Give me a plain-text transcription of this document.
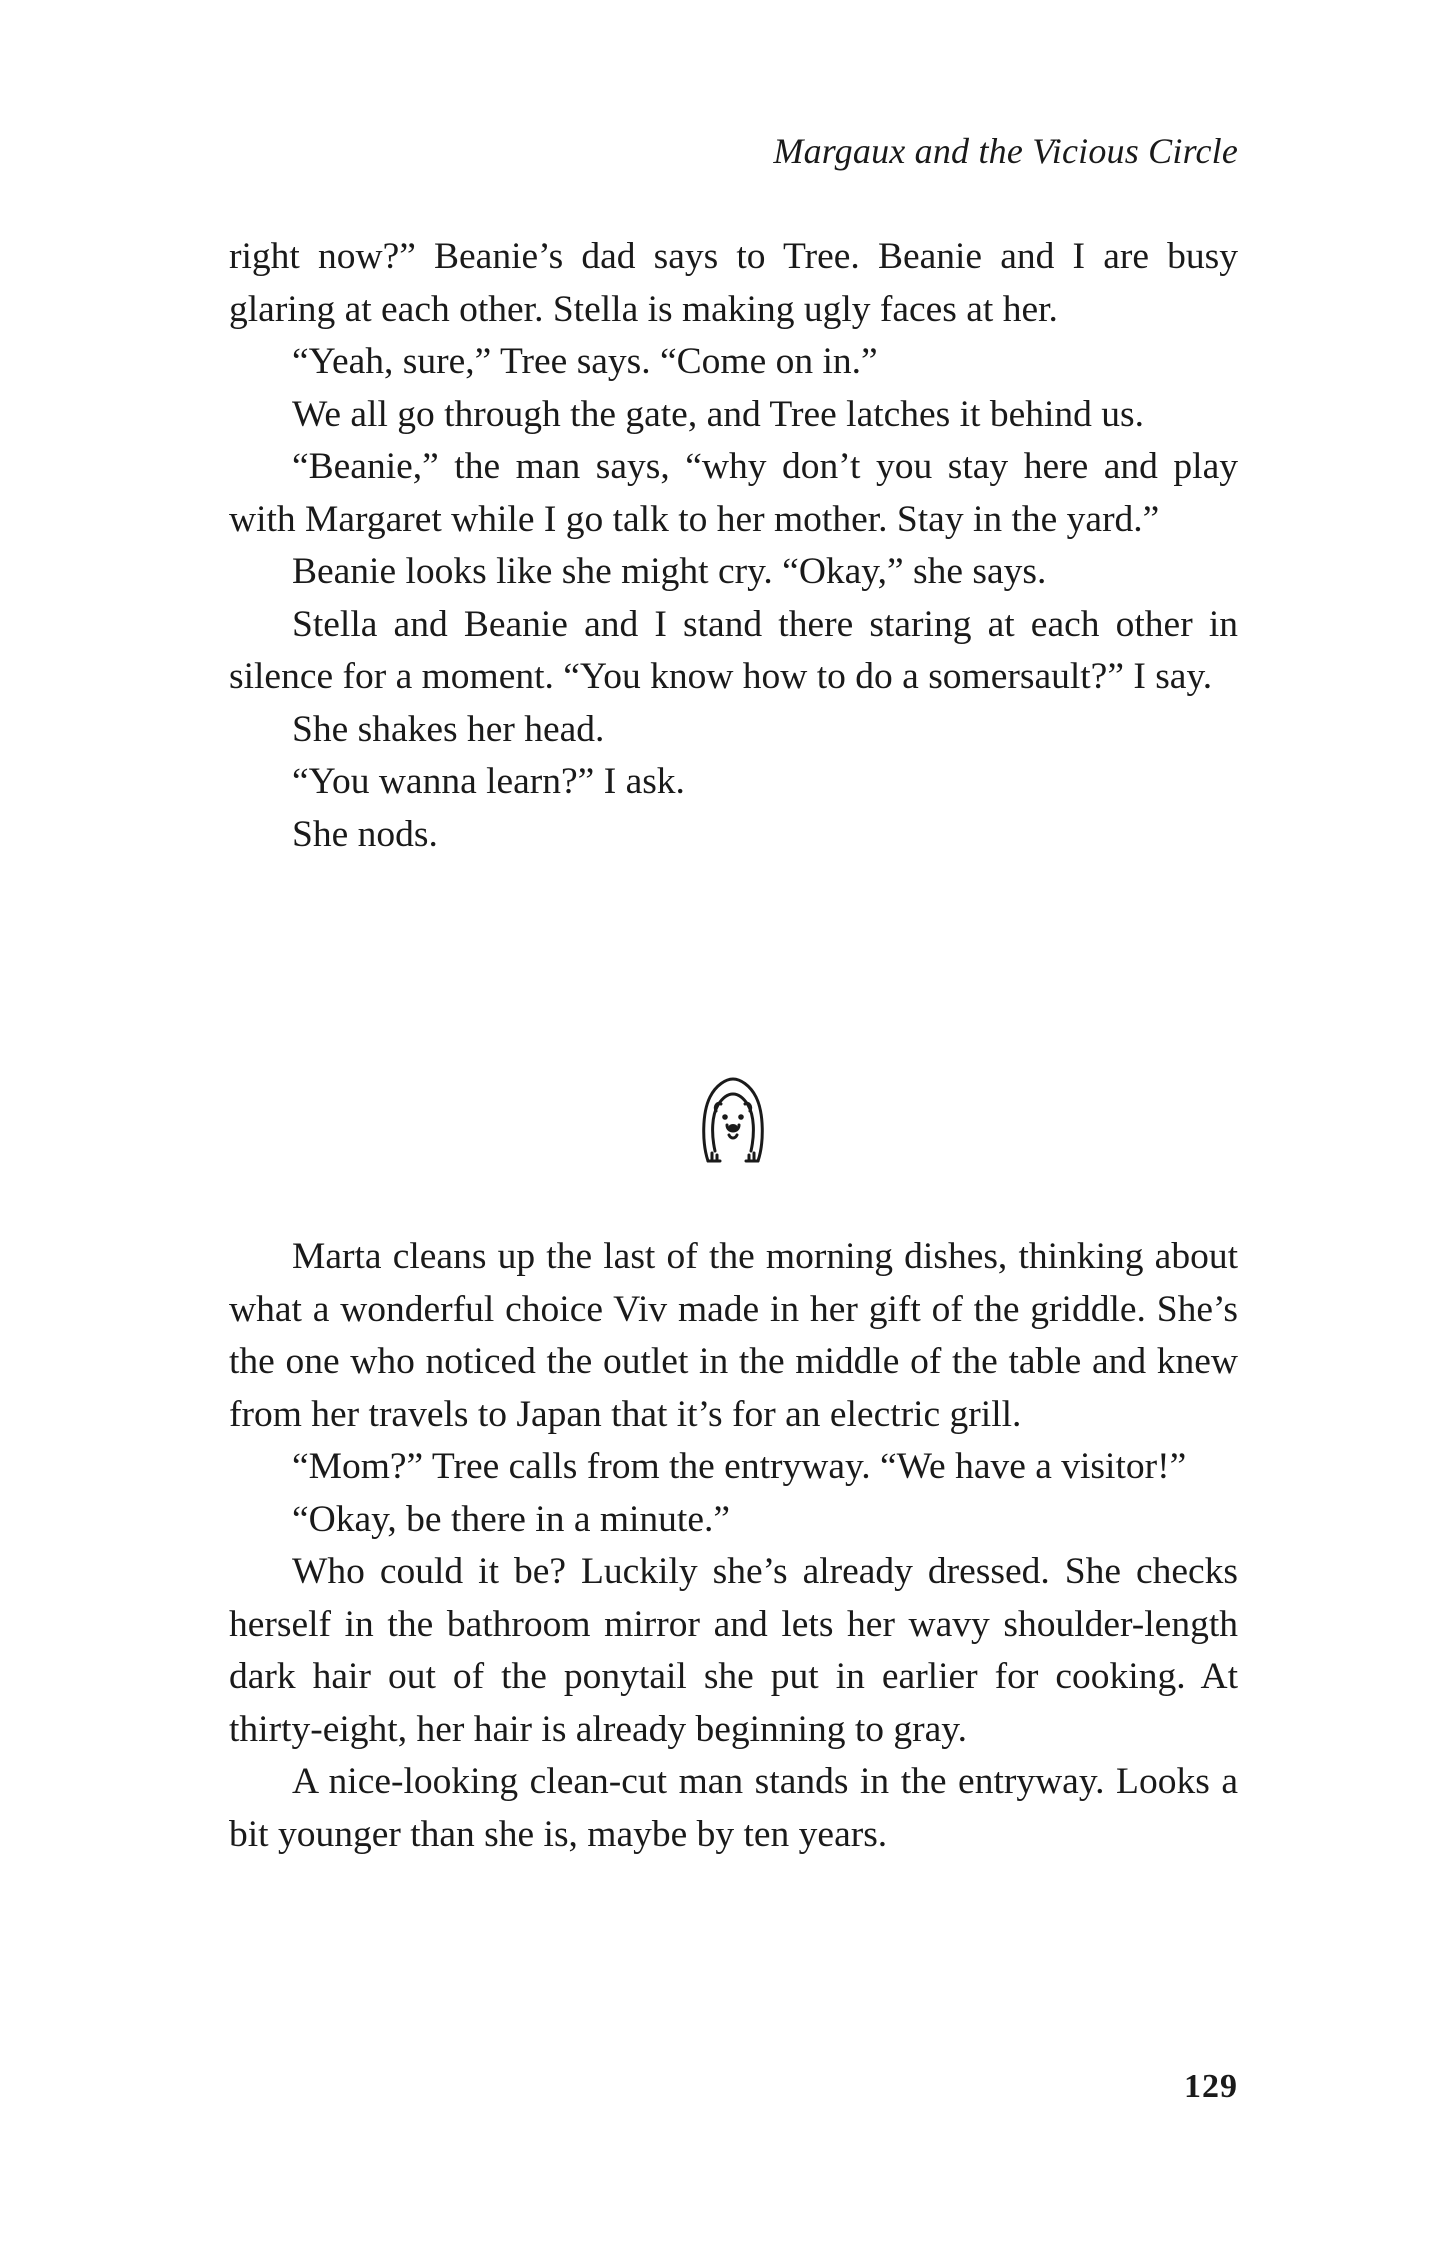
Margaux and the Vicious Circle

right now?” Beanie’s dad says to Tree. Beanie and I are busy glaring at each other. Stella is making ugly faces at her.

“Yeah, sure,” Tree says. “Come on in.”

We all go through the gate, and Tree latches it behind us.

“Beanie,” the man says, “why don’t you stay here and play with Margaret while I go talk to her mother. Stay in the yard.”

Beanie looks like she might cry. “Okay,” she says.

Stella and Beanie and I stand there staring at each other in silence for a moment. “You know how to do a somersault?” I say.

She shakes her head.

“You wanna learn?” I ask.

She nods.

Marta cleans up the last of the morning dishes, thinking about what a wonderful choice Viv made in her gift of the griddle. She’s the one who noticed the outlet in the middle of the table and knew from her travels to Japan that it’s for an electric grill.

“Mom?” Tree calls from the entryway. “We have a visitor!”

“Okay, be there in a minute.”

Who could it be? Luckily she’s already dressed. She checks herself in the bathroom mirror and lets her wavy shoulder-length dark hair out of the ponytail she put in earlier for cooking. At thirty-eight, her hair is already beginning to gray.

A nice-looking clean-cut man stands in the entryway. Looks a bit younger than she is, maybe by ten years.

129
